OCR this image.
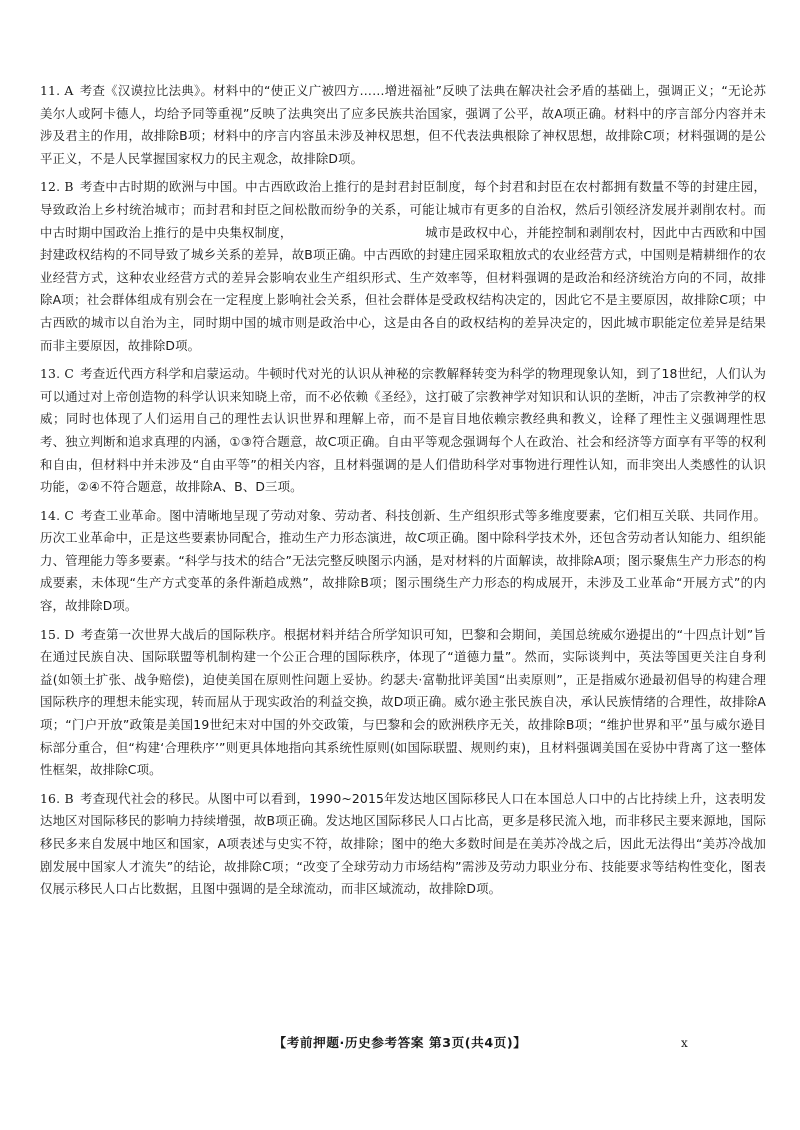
11. A 考查《汉谟拉比法典》。材料中的“使正义广被四方……增进福祉”反映了法典在解决社会矛盾的基础上，强调正义；“无论苏美尔人或阿卡德人，均给予同等重视”反映了法典突出了应多民族共治国家，强调了公平，故A项正确。材料中的序言部分内容并未涉及君主的作用，故排除B项；材料中的序言内容虽未涉及神权思想，但不代表法典根除了神权思想，故排除C项；材料强调的是公平正义，不是人民掌握国家权力的民主观念，故排除D项。

12. B 考查中古时期的欧洲与中国。中古西欧政治上推行的是封君封臣制度，每个封君和封臣在农村都拥有数量不等的封建庄园，导致政治上乡村统治城市；而封君和封臣之间松散而纷争的关系，可能让城市有更多的自治权，然后引领经济发展并剥削农村。而中古时期中国政治上推行的是中央集权制度，　　　　　　　　　　　城市是政权中心，并能控制和剥削农村，因此中古西欧和中国封建政权结构的不同导致了城乡关系的差异，故B项正确。中古西欧的封建庄园采取粗放式的农业经营方式，中国则是精耕细作的农业经营方式，这种农业经营方式的差异会影响农业生产组织形式、生产效率等，但材料强调的是政治和经济统治方向的不同，故排除A项；社会群体组成有别会在一定程度上影响社会关系，但社会群体是受政权结构决定的，因此它不是主要原因，故排除C项；中古西欧的城市以自治为主，同时期中国的城市则是政治中心，这是由各自的政权结构的差异决定的，因此城市职能定位差异是结果而非主要原因，故排除D项。

13. C 考查近代西方科学和启蒙运动。牛顿时代对光的认识从神秘的宗教解释转变为科学的物理现象认知，到了18世纪，人们认为可以通过对上帝创造物的科学认识来知晓上帝，而不必依赖《圣经》，这打破了宗教神学对知识和认识的垄断，冲击了宗教神学的权威；同时也体现了人们运用自己的理性去认识世界和理解上帝，而不是盲目地依赖宗教经典和教义，诠释了理性主义强调理性思考、独立判断和追求真理的内涵，①③符合题意，故C项正确。自由平等观念强调每个人在政治、社会和经济等方面享有平等的权利和自由，但材料中并未涉及“自由平等”的相关内容，且材料强调的是人们借助科学对事物进行理性认知，而非突出人类感性的认识功能，②④不符合题意，故排除A、B、D三项。

14. C 考查工业革命。图中清晰地呈现了劳动对象、劳动者、科技创新、生产组织形式等多维度要素，它们相互关联、共同作用。历次工业革命中，正是这些要素协同配合，推动生产力形态演进，故C项正确。图中除科学技术外，还包含劳动者认知能力、组织能力、管理能力等多要素。“科学与技术的结合”无法完整反映图示内涵，是对材料的片面解读，故排除A项；图示聚焦生产力形态的构成要素，未体现“生产方式变革的条件渐趋成熟”，故排除B项；图示围绕生产力形态的构成展开，未涉及工业革命“开展方式”的内容，故排除D项。

15. D 考查第一次世界大战后的国际秩序。根据材料并结合所学知识可知，巴黎和会期间，美国总统威尔逊提出的“十四点计划”旨在通过民族自决、国际联盟等机制构建一个公正合理的国际秩序，体现了“道德力量”。然而，实际谈判中，英法等国更关注自身利益(如领土扩张、战争赔偿)，迫使美国在原则性问题上妥协。约瑟夫·富勒批评美国“出卖原则”，正是指威尔逊最初倡导的构建合理国际秩序的理想未能实现，转而屈从于现实政治的利益交换，故D项正确。威尔逊主张民族自决，承认民族情绪的合理性，故排除A项；“门户开放”政策是美国19世纪末对中国的外交政策，与巴黎和会的欧洲秩序无关，故排除B项；“维护世界和平”虽与威尔逊目标部分重合，但“构建‘合理秩序’”则更具体地指向其系统性原则(如国际联盟、规则约束)，且材料强调美国在妥协中背离了这一整体性框架，故排除C项。

16. B 考查现代社会的移民。从图中可以看到，1990~2015年发达地区国际移民人口在本国总人口中的占比持续上升，这表明发达地区对国际移民的影响力持续增强，故B项正确。发达地区国际移民人口占比高，更多是移民流入地，而非移民主要来源地，国际移民多来自发展中地区和国家，A项表述与史实不符，故排除；图中的绝大多数时间是在美苏冷战之后，因此无法得出“美苏冷战加剧发展中国家人才流失”的结论，故排除C项；“改变了全球劳动力市场结构”需涉及劳动力职业分布、技能要求等结构性变化，图表仅展示移民人口占比数据，且图中强调的是全球流动，而非区域流动，故排除D项。

【考前押题·历史参考答案 第3页(共4页)】	x
